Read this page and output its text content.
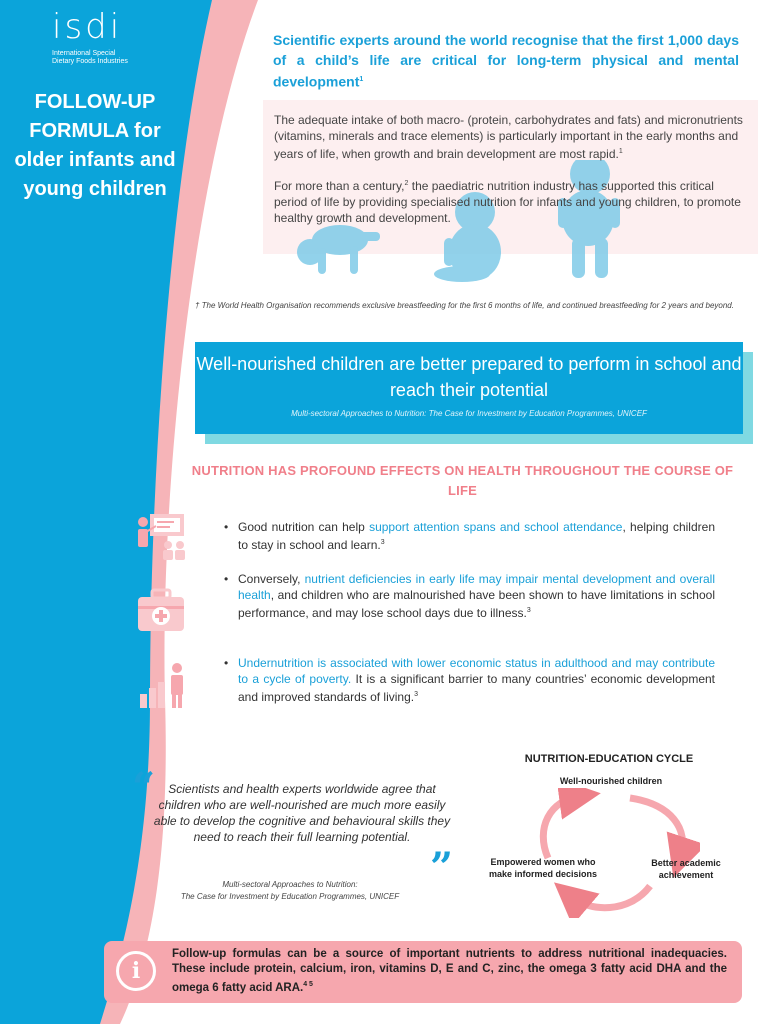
isdi
International Special
Dietary Foods Industries
FOLLOW-UP FORMULA for older infants and young children
Scientific experts around the world recognise that the first 1,000 days of a child’s life are critical for long-term physical and mental development$^1$

The adequate intake of both macro- (protein, carbohydrates and fats) and micronutrients (vitamins, minerals and trace elements) is particularly important in the early months and years of life, when growth and brain development are most rapid.$^1$

For more than a century,$^2$ the paediatric nutrition industry has supported this critical period of life by providing specialised nutrition for infants and young children, to promote healthy growth and development.

† The World Health Organisation recommends exclusive breastfeeding for the first 6 months of life, and continued breastfeeding for 2 years and beyond.
Well-nourished children are better prepared to perform in school and reach their potential
Multi-sectoral Approaches to Nutrition: The Case for Investment by Education Programmes, UNICEF
NUTRITION HAS PROFOUND EFFECTS ON HEALTH THROUGHOUT THE COURSE OF LIFE
• Good nutrition can help support attention spans and school attendance, helping children to stay in school and learn.$^3$
• Conversely, nutrient deficiencies in early life may impair mental development and overall health, and children who are malnourished have been shown to have limitations in school performance, and may lose school days due to illness.$^3$
• Undernutrition is associated with lower economic status in adulthood and may contribute to a cycle of poverty. It is a significant barrier to many countries’ economic development and improved standards of living.$^3$
“	Scientists and health experts worldwide agree that children who are well-nourished are much more easily able to develop the cognitive and behavioural skills they need to reach their full learning potential.
”
Multi-sectoral Approaches to Nutrition:
The Case for Investment by Education Programmes, UNICEF
NUTRITION-EDUCATION CYCLE
Well-nourished children
Better academic achievement
Empowered women who make informed decisions
i
Follow-up formulas can be a source of important nutrients to address nutritional inadequacies. These include protein, calcium, iron, vitamins D, E and C, zinc, the omega 3 fatty acid DHA and the omega 6 fatty acid ARA.$^{4 5}$
